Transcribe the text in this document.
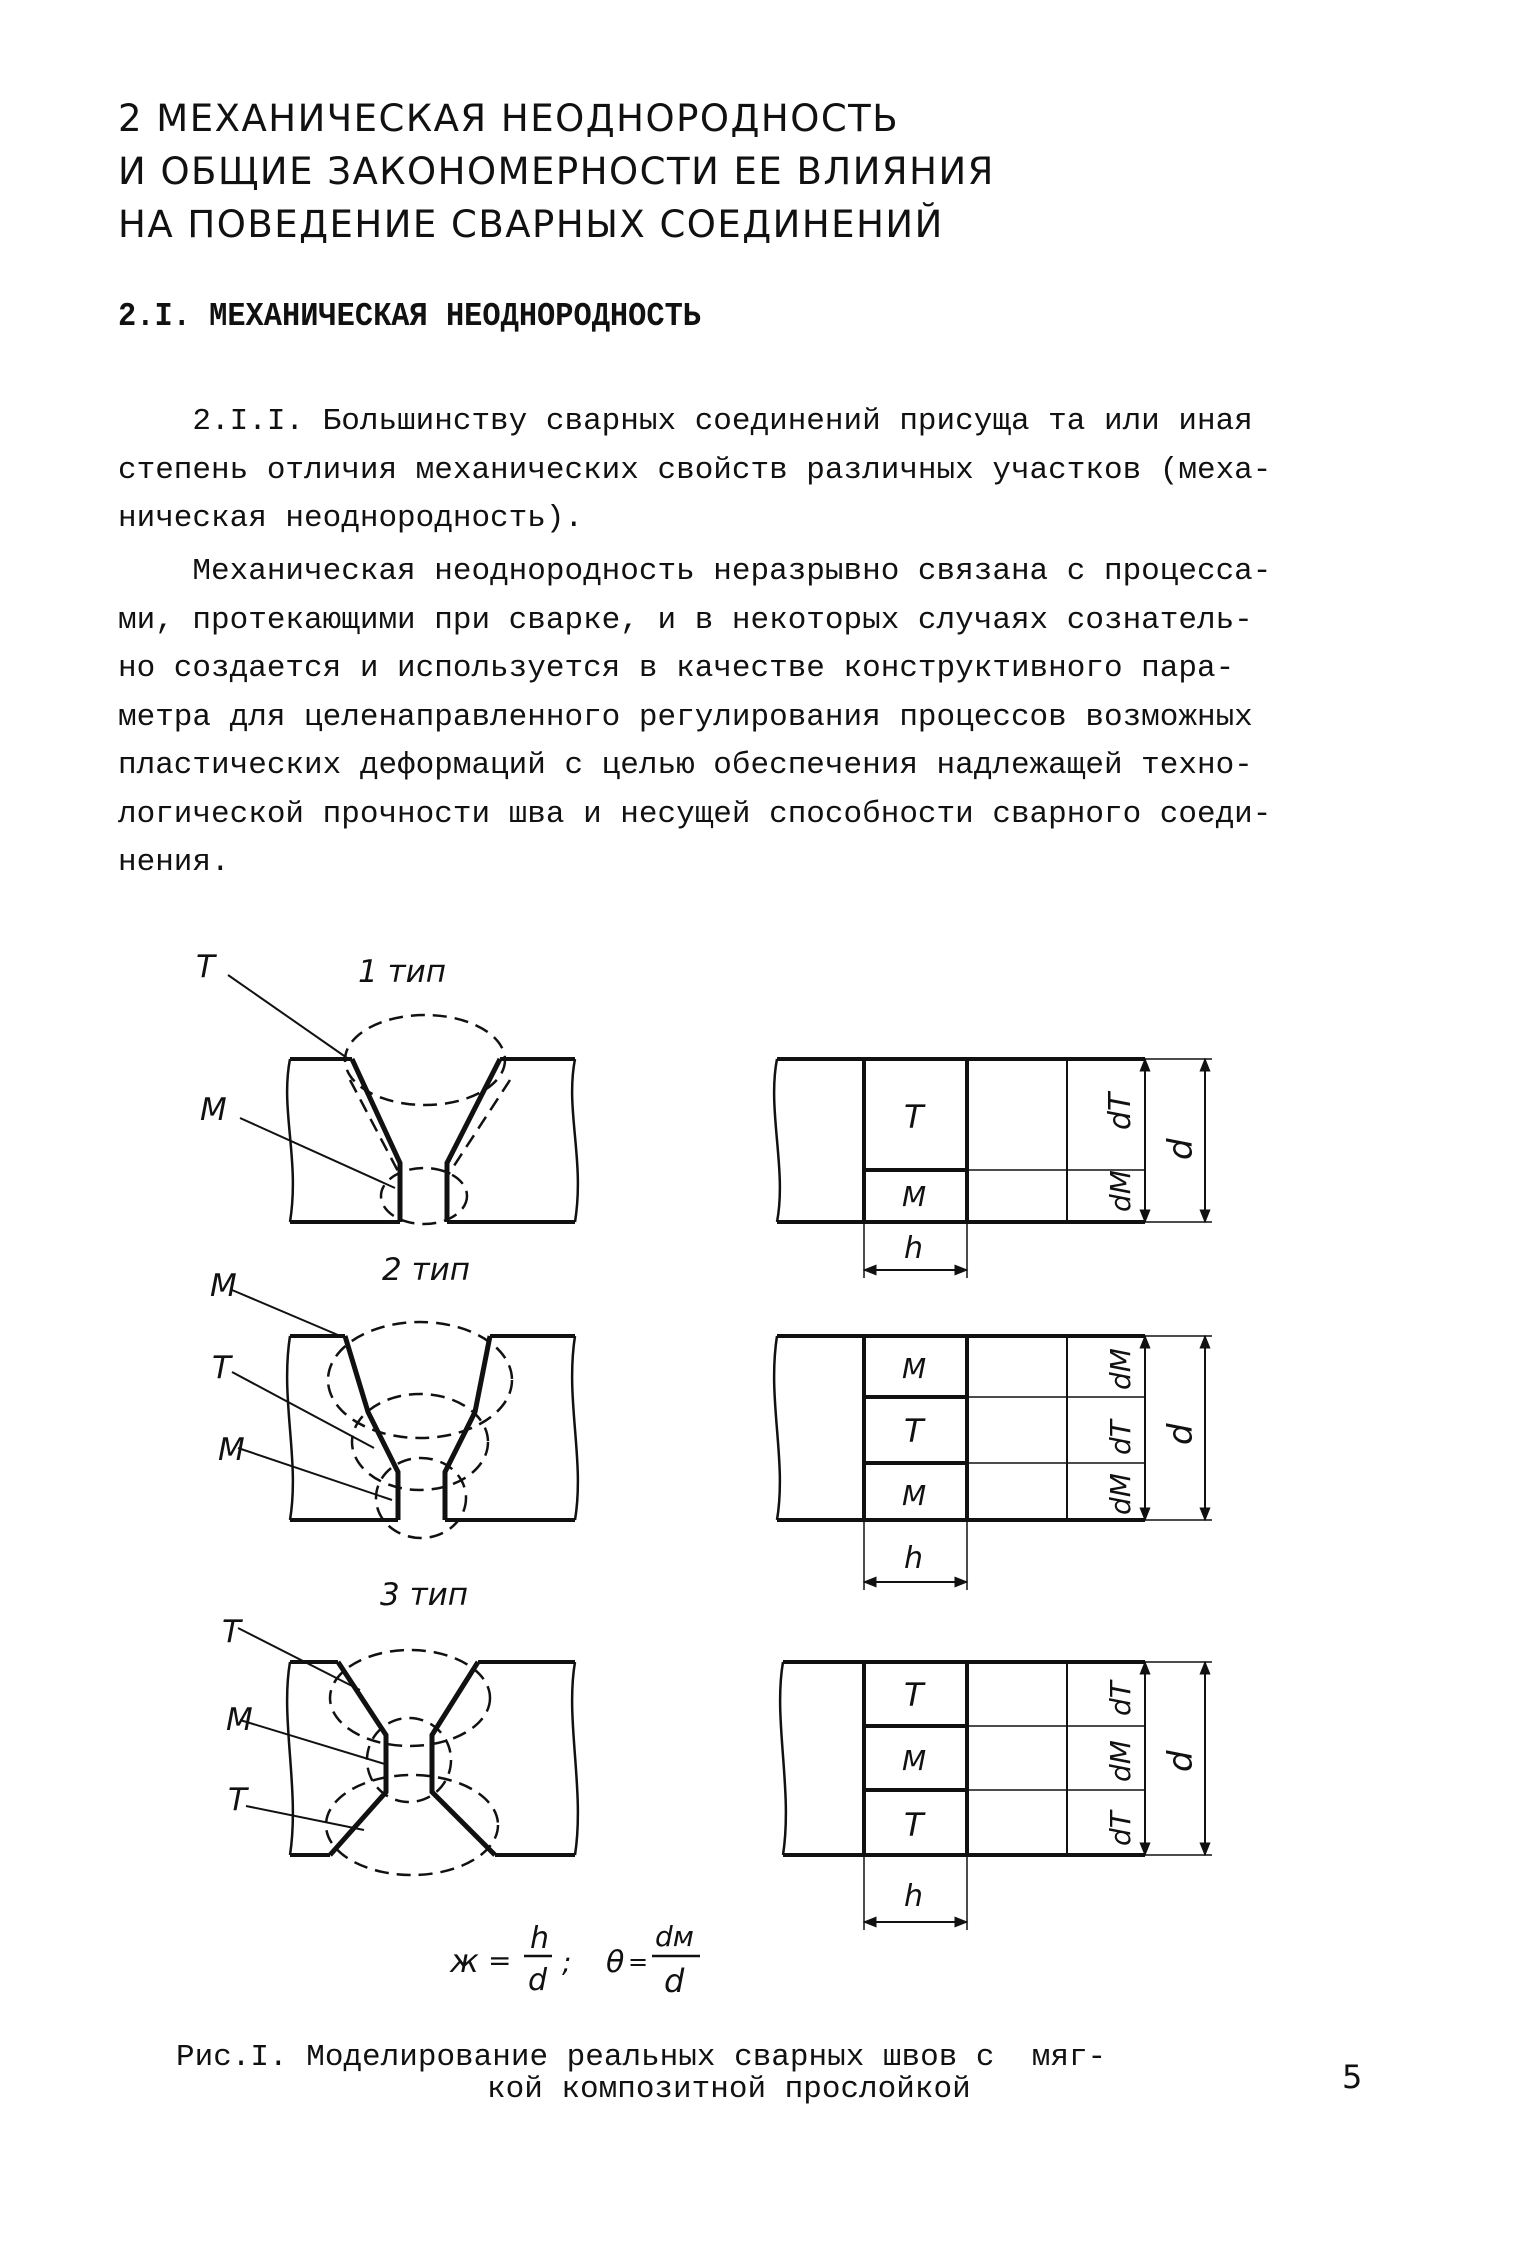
2 МЕХАНИЧЕСКАЯ НЕОДНОРОДНОСТЬ
И ОБЩИЕ ЗАКОНОМЕРНОСТИ ЕЕ ВЛИЯНИЯ
НА ПОВЕДЕНИЕ СВАРНЫХ СОЕДИНЕНИЙ
2.I. МЕХАНИЧЕСКАЯ НЕОДНОРОДНОСТЬ

2.I.I. Большинству сварных соединений присуща та или иная
степень отличия механических свойств различных участков (меха-
ническая неоднородность).

Механическая неоднородность неразрывно связана с процесса-
ми, протекающими при сварке, и в некоторых случаях сознатель-
но создается и используется в качестве конструктивного пара-
метра для целенаправленного регулирования процессов возможных
пластических деформаций с целью обеспечения надлежащей техно-
логической прочности шва и несущей способности сварного соеди-
нения.

Т
М
1 тип
М
Т
М
2 тип
Т
М
Т
3 тип
Т
М
h
dT
dM
d
М
Т
М
h
dM
dT
dM
d
Т
М
Т
h
dT
dM
dT
d
ж =
h
d
; θ =
dм
d
Рис.I. Моделирование реальных сварных швов с  мяг-
кой композитной прослойкой	5
